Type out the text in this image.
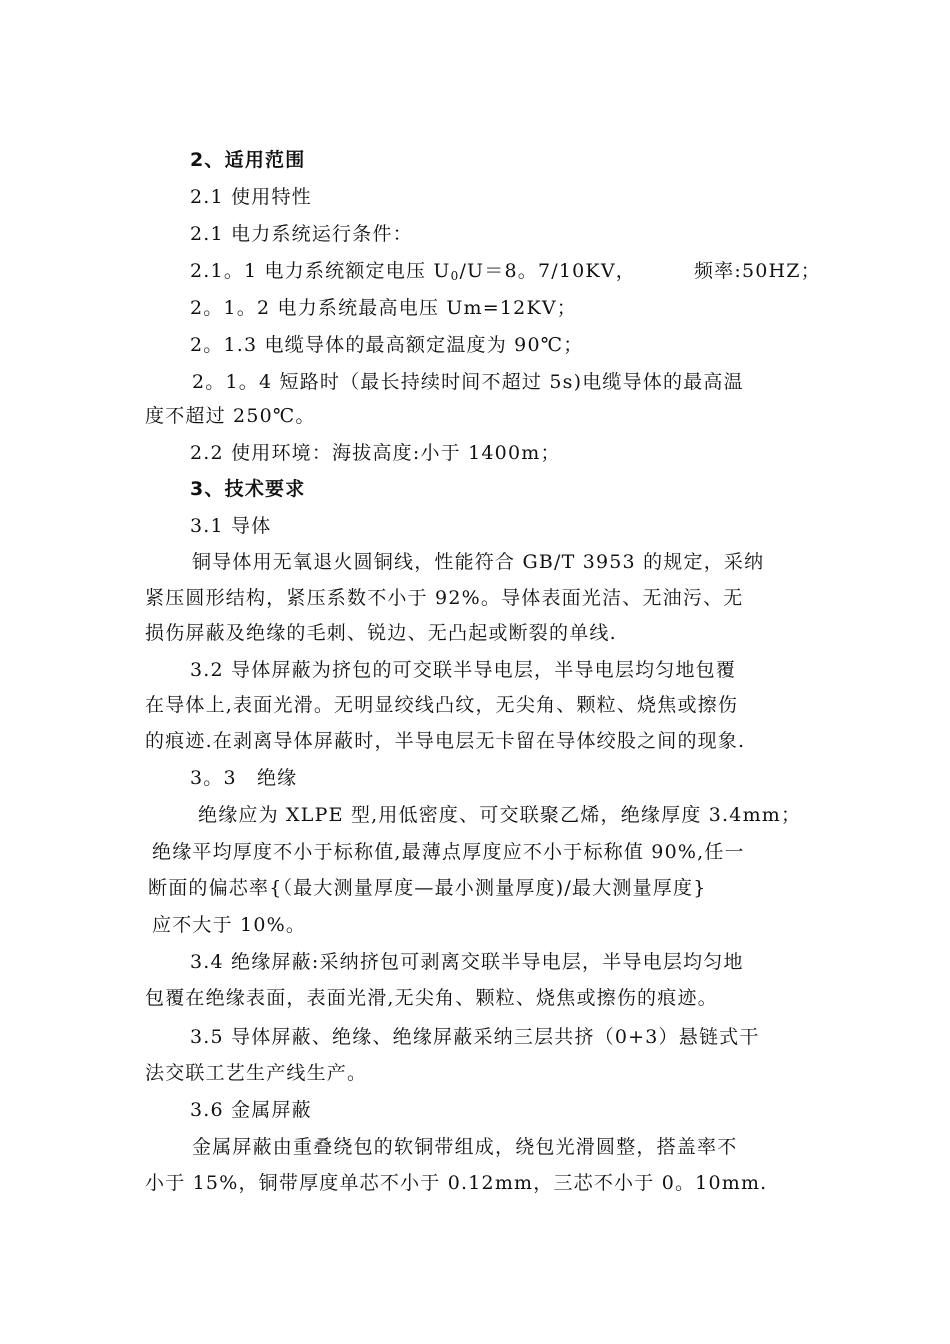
2、适用范围
2.1 使用特性
2.1 电力系统运行条件：
2.1。1 电力系统额定电压 $U_0/U=8$。7/10KV，	频率:50HZ；
2。1。2 电力系统最高电压 Um=12KV；
2。1.3 电缆导体的最高额定温度为 90℃；
2。1。4 短路时（最长持续时间不超过 5s)电缆导体的最高温
度不超过 250℃。
2.2 使用环境：海拔高度:小于 1400m；
3、技术要求
3.1 导体
铜导体用无氧退火圆铜线，性能符合 GB/T 3953 的规定，采纳
紧压圆形结构，紧压系数不小于 92%。导体表面光洁、无油污、无
损伤屏蔽及绝缘的毛刺、锐边、无凸起或断裂的单线.
3.2 导体屏蔽为挤包的可交联半导电层，半导电层均匀地包覆
在导体上,表面光滑。无明显绞线凸纹，无尖角、颗粒、烧焦或擦伤
的痕迹.在剥离导体屏蔽时，半导电层无卡留在导体绞股之间的现象.
3。3　绝缘
绝缘应为 XLPE 型,用低密度、可交联聚乙烯，绝缘厚度 3.4mm；
绝缘平均厚度不小于标称值,最薄点厚度应不小于标称值 90%,任一
断面的偏芯率{（最大测量厚度—最小测量厚度)/最大测量厚度}
应不大于 10%。
3.4 绝缘屏蔽:采纳挤包可剥离交联半导电层，半导电层均匀地
包覆在绝缘表面，表面光滑,无尖角、颗粒、烧焦或擦伤的痕迹。
3.5 导体屏蔽、绝缘、绝缘屏蔽采纳三层共挤（0+3）悬链式干
法交联工艺生产线生产。
3.6 金属屏蔽
金属屏蔽由重叠绕包的软铜带组成，绕包光滑圆整，搭盖率不
小于 15%，铜带厚度单芯不小于 0.12mm，三芯不小于 0。10mm.
